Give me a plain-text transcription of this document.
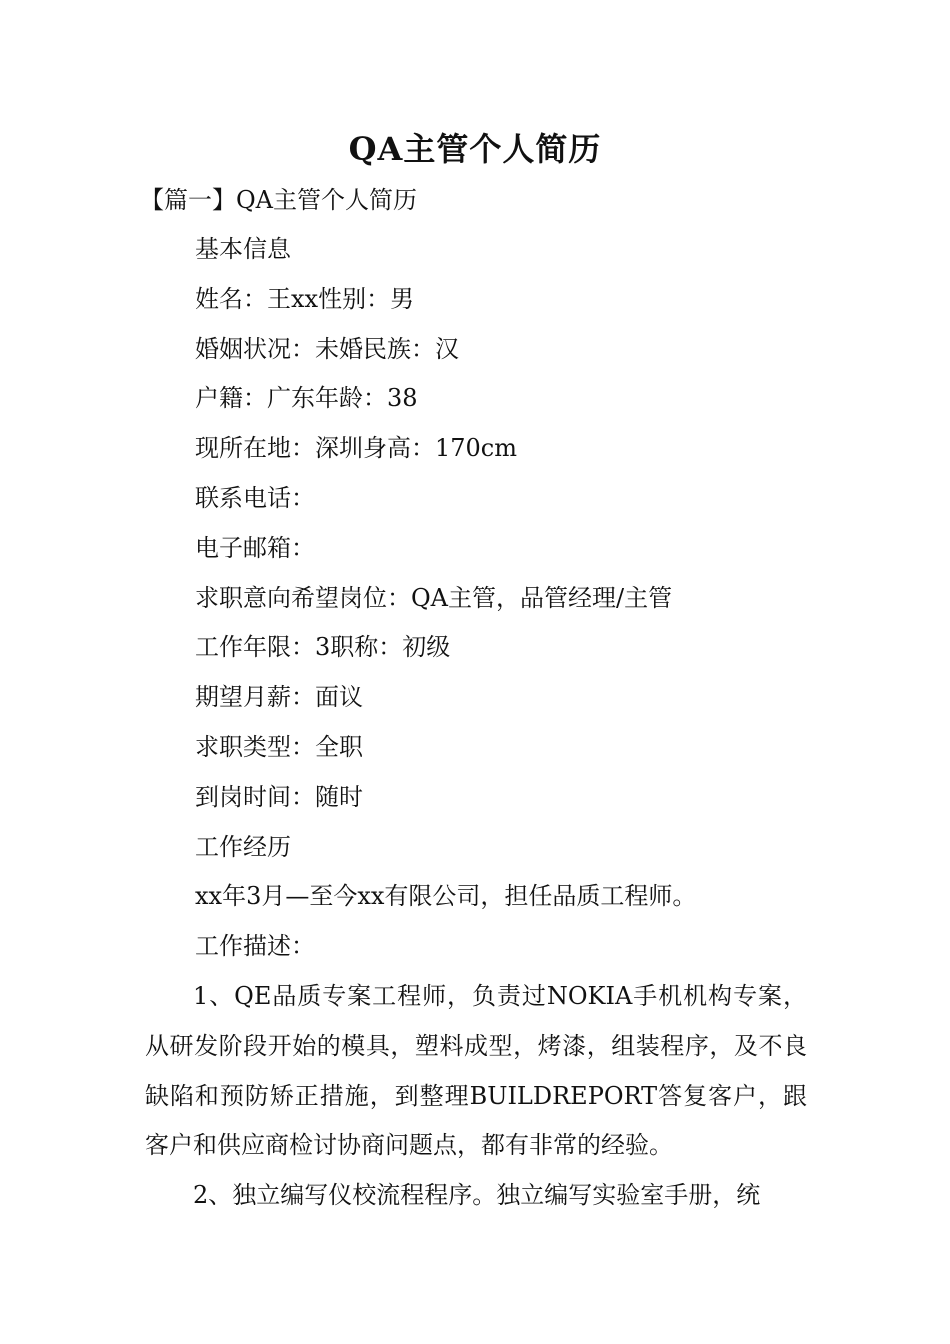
QA主管个人简历
【篇一】QA主管个人简历
基本信息
姓名：王xx性别：男
婚姻状况：未婚民族：汉
户籍：广东年龄：38
现所在地：深圳身高：170cm
联系电话：
电子邮箱：
求职意向希望岗位：QA主管，品管经理/主管
工作年限：3职称：初级
期望月薪：面议
求职类型：全职
到岗时间：随时
工作经历
xx年3月—至今xx有限公司，担任品质工程师。
工作描述：

1、QE品质专案工程师，负责过NOKIA手机机构专案，从研发阶段开始的模具，塑料成型，烤漆，组装程序，及不良缺陷和预防矫正措施，到整理BUILDREPORT答复客户，跟客户和供应商检讨协商问题点，都有非常的经验。

2、独立编写仪校流程程序。独立编写实验室手册，统
